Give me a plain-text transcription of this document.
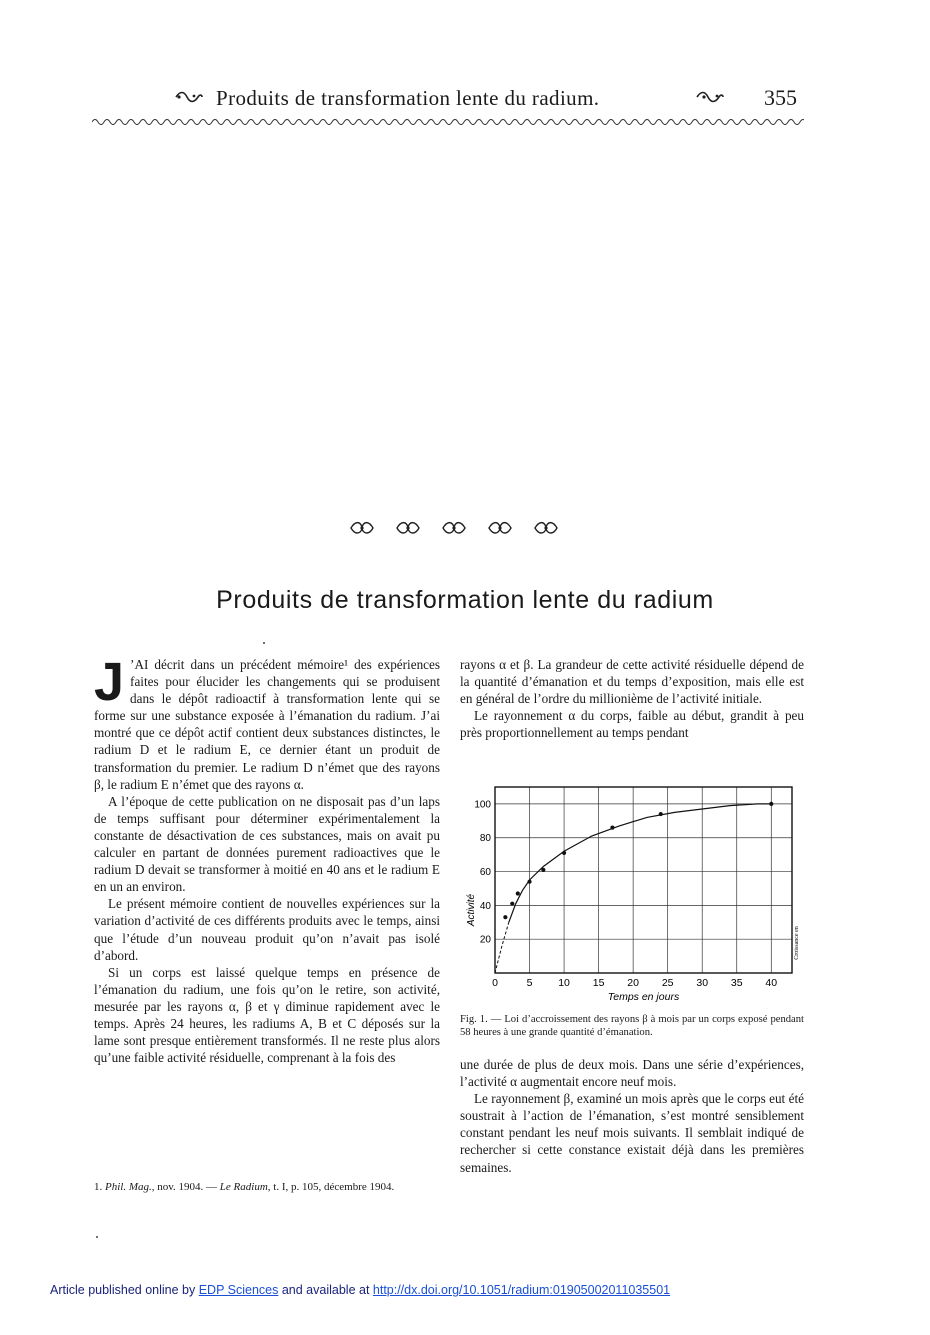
Produits de transformation lente du radium.	355
Produits de transformation lente du radium
J ’AI décrit dans un précédent mémoire¹ des expériences faites pour élucider les changements qui se produisent dans le dépôt radioactif à transformation lente qui se forme sur une substance exposée à l’émanation du radium. J’ai montré que ce dépôt actif contient deux substances distinctes, le radium D et le radium E, ce dernier étant un produit de transformation du premier. Le radium D n’émet que des rayons β, le radium E n’émet que des rayons α.

A l’époque de cette publication on ne disposait pas d’un laps de temps suffisant pour déterminer expérimentalement la constante de désactivation de ces substances, mais on avait pu calculer en partant de données purement radioactives que le radium D devait se transformer à moitié en 40 ans et le radium E en un an environ.

Le présent mémoire contient de nouvelles expériences sur la variation d’activité de ces différents produits avec le temps, ainsi que l’étude d’un nouveau produit qu’on n’avait pas isolé d’abord.

Si un corps est laissé quelque temps en présence de l’émanation du radium, une fois qu’on le retire, son activité, mesurée par les rayons α, β et γ diminue rapidement avec le temps. Après 24 heures, les radiums A, B et C déposés sur la lame sont presque entièrement transformés. Il ne reste plus alors qu’une faible activité résiduelle, comprenant à la fois des

1. Phil. Mag., nov. 1904. — Le Radium, t. I, p. 105, décembre 1904.

rayons α et β. La grandeur de cette activité résiduelle dépend de la quantité d’émanation et du temps d’exposition, mais elle est en général de l’ordre du millionième de l’activité initiale.

Le rayonnement α du corps, faible au début, grandit à peu près proportionnellement au temps pendant

0	5 10 15 20 25 30 35 40
20
40
60
80
100
Temps en jours
Activité
Croissance en
Fig. 1. — Loi d’accroissement des rayons β à mois par un corps exposé pendant 58 heures à une grande quantité d’émanation.

une durée de plus de deux mois. Dans une série d’expériences, l’activité α augmentait encore neuf mois.

Le rayonnement β, examiné un mois après que le corps eut été soustrait à l’action de l’émanation, s’est montré sensiblement constant pendant les neuf mois suivants. Il semblait indiqué de rechercher si cette constance existait déjà dans les premières semaines.

Article published online by EDP Sciences and available at http://dx.doi.org/10.1051/radium:01905002011035501
